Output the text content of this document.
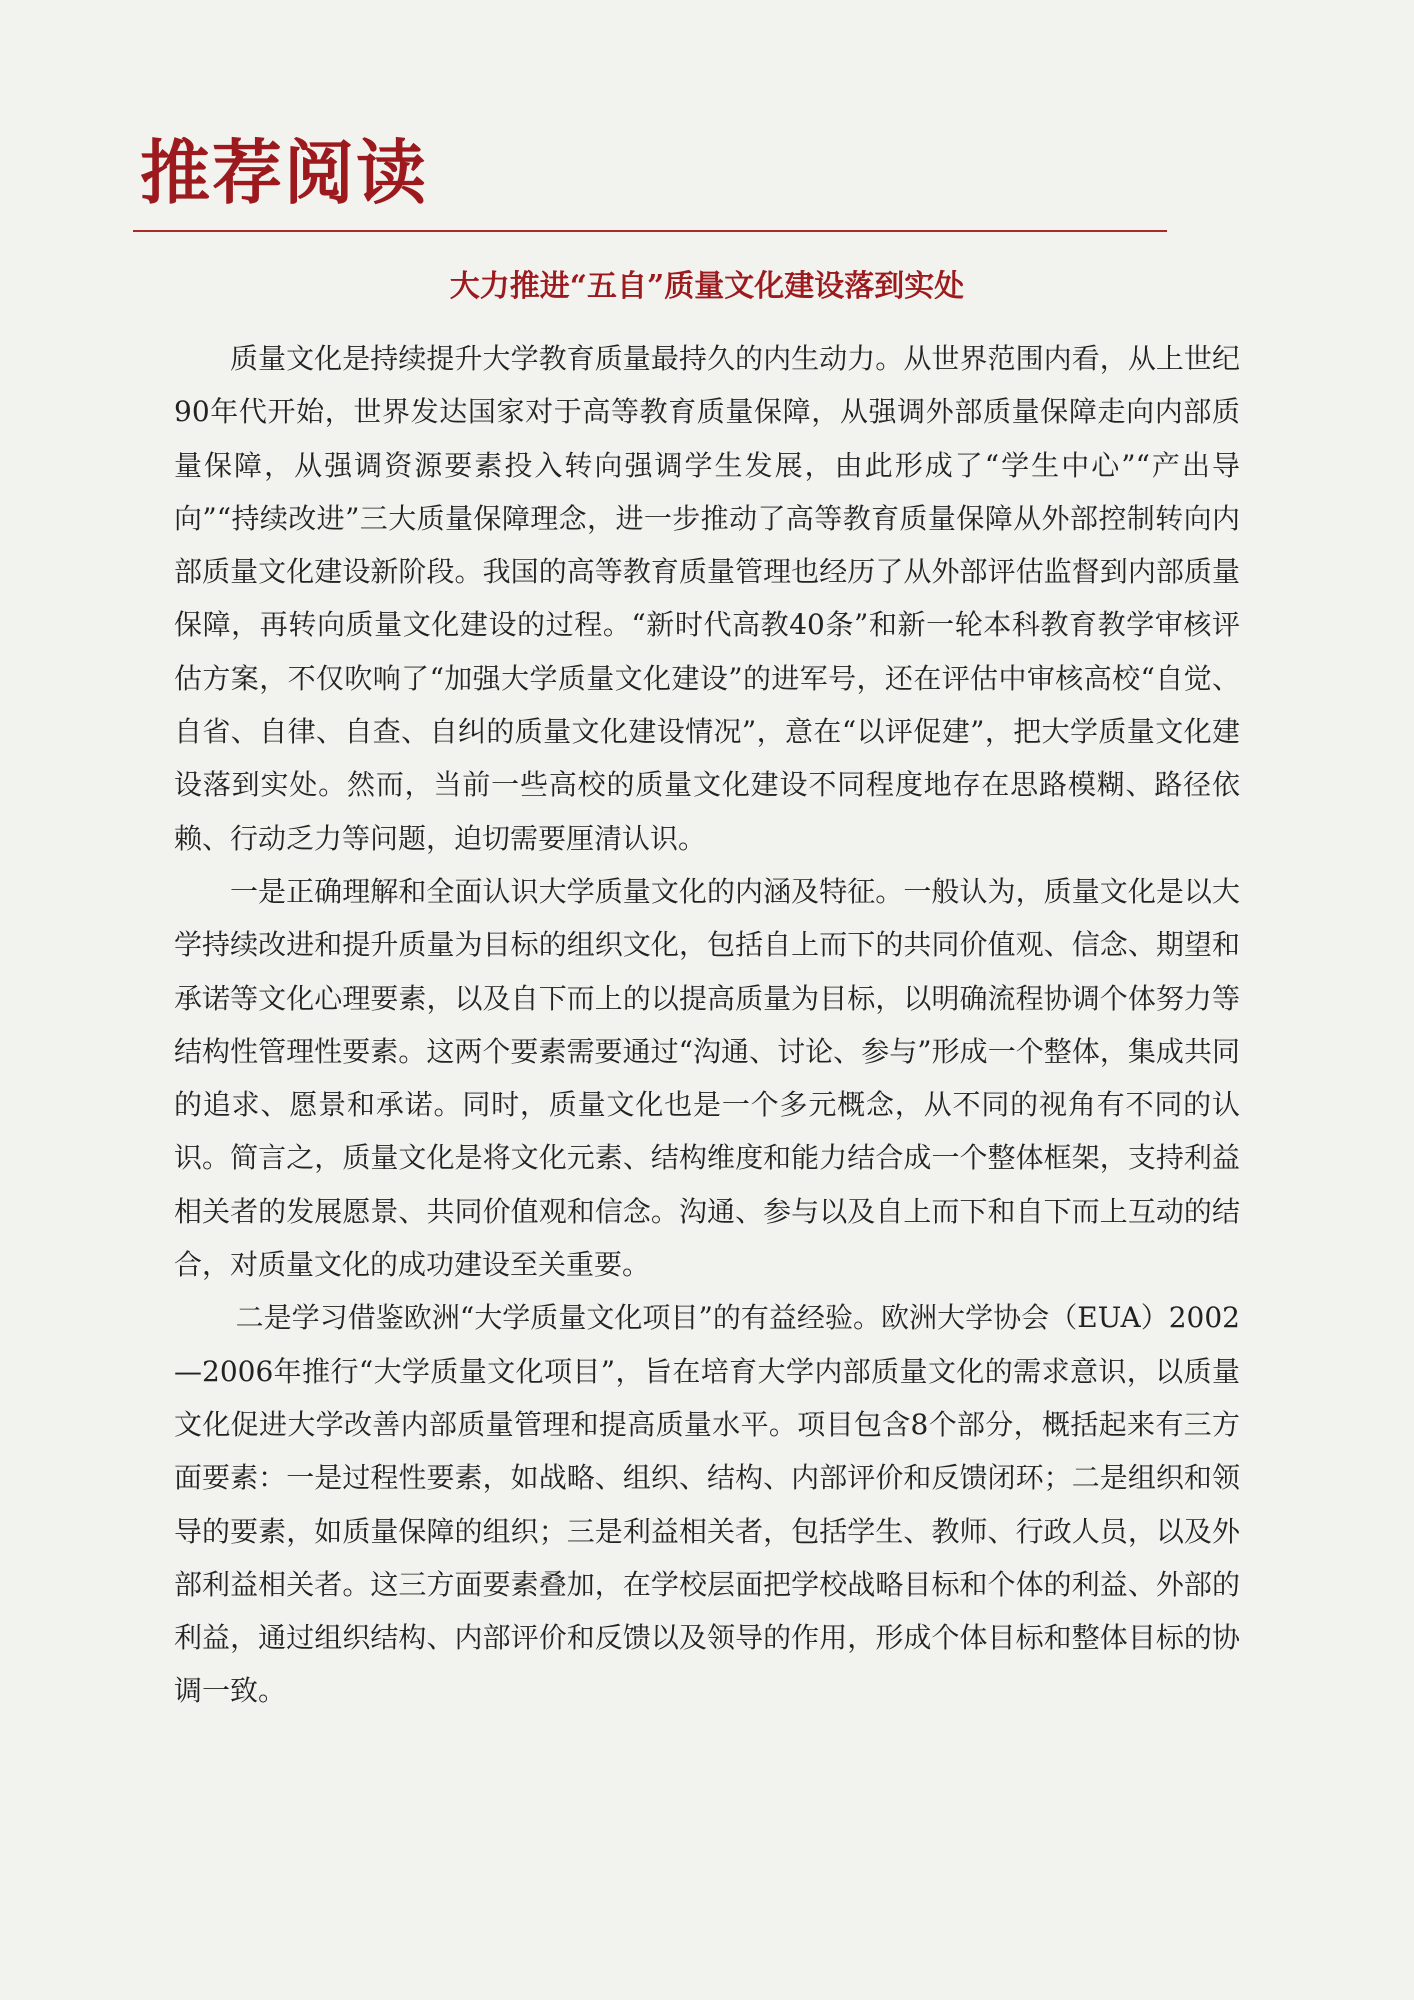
推荐阅读
大力推进“五自”质量文化建设落到实处

质量文化是持续提升大学教育质量最持久的内生动力。从世界范围内看，从上世纪90年代开始，世界发达国家对于高等教育质量保障，从强调外部质量保障走向内部质量保障，从强调资源要素投入转向强调学生发展，由此形成了“学生中心”“产出导向”“持续改进”三大质量保障理念，进一步推动了高等教育质量保障从外部控制转向内部质量文化建设新阶段。我国的高等教育质量管理也经历了从外部评估监督到内部质量保障，再转向质量文化建设的过程。“新时代高教40条”和新一轮本科教育教学审核评估方案，不仅吹响了“加强大学质量文化建设”的进军号，还在评估中审核高校“自觉、自省、自律、自查、自纠的质量文化建设情况”，意在“以评促建”，把大学质量文化建设落到实处。然而，当前一些高校的质量文化建设不同程度地存在思路模糊、路径依赖、行动乏力等问题，迫切需要厘清认识。

一是正确理解和全面认识大学质量文化的内涵及特征。一般认为，质量文化是以大学持续改进和提升质量为目标的组织文化，包括自上而下的共同价值观、信念、期望和承诺等文化心理要素，以及自下而上的以提高质量为目标，以明确流程协调个体努力等结构性管理性要素。这两个要素需要通过“沟通、讨论、参与”形成一个整体，集成共同的追求、愿景和承诺。同时，质量文化也是一个多元概念，从不同的视角有不同的认识。简言之，质量文化是将文化元素、结构维度和能力结合成一个整体框架，支持利益相关者的发展愿景、共同价值观和信念。沟通、参与以及自上而下和自下而上互动的结合，对质量文化的成功建设至关重要。

二是学习借鉴欧洲“大学质量文化项目”的有益经验。欧洲大学协会（EUA）2002—2006年推行“大学质量文化项目”，旨在培育大学内部质量文化的需求意识，以质量文化促进大学改善内部质量管理和提高质量水平。项目包含8个部分，概括起来有三方面要素：一是过程性要素，如战略、组织、结构、内部评价和反馈闭环；二是组织和领导的要素，如质量保障的组织；三是利益相关者，包括学生、教师、行政人员，以及外部利益相关者。这三方面要素叠加，在学校层面把学校战略目标和个体的利益、外部的利益，通过组织结构、内部评价和反馈以及领导的作用，形成个体目标和整体目标的协调一致。
